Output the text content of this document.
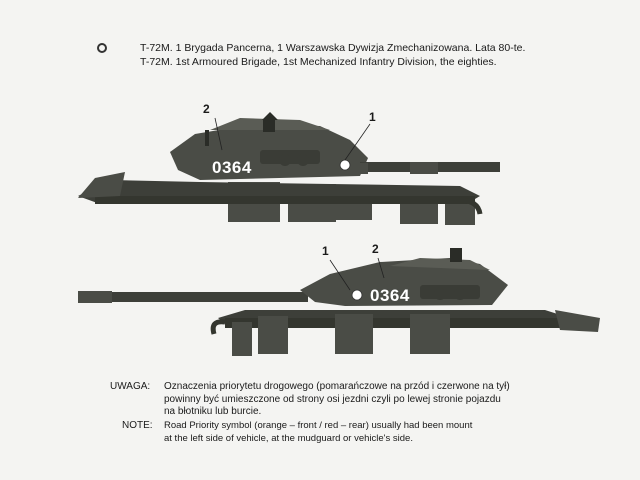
T-72M. 1 Brygada Pancerna, 1 Warszawska Dywizja Zmechanizowana. Lata 80-te.
T-72M. 1st Armoured Brigade, 1st Mechanized Infantry Division, the eighties.
0364
0364
2
1
1	2
UWAGA: Oznaczenia priorytetu drogowego (pomarańczowe na przód i czerwone na tył)
powinny być umieszczone od strony osi jezdni czyli po lewej stronie pojazdu
na błotniku lub burcie.
NOTE: Road Priority symbol (orange – front / red – rear) usually had been mount
at the left side of vehicle, at the mudguard or vehicle's side.
